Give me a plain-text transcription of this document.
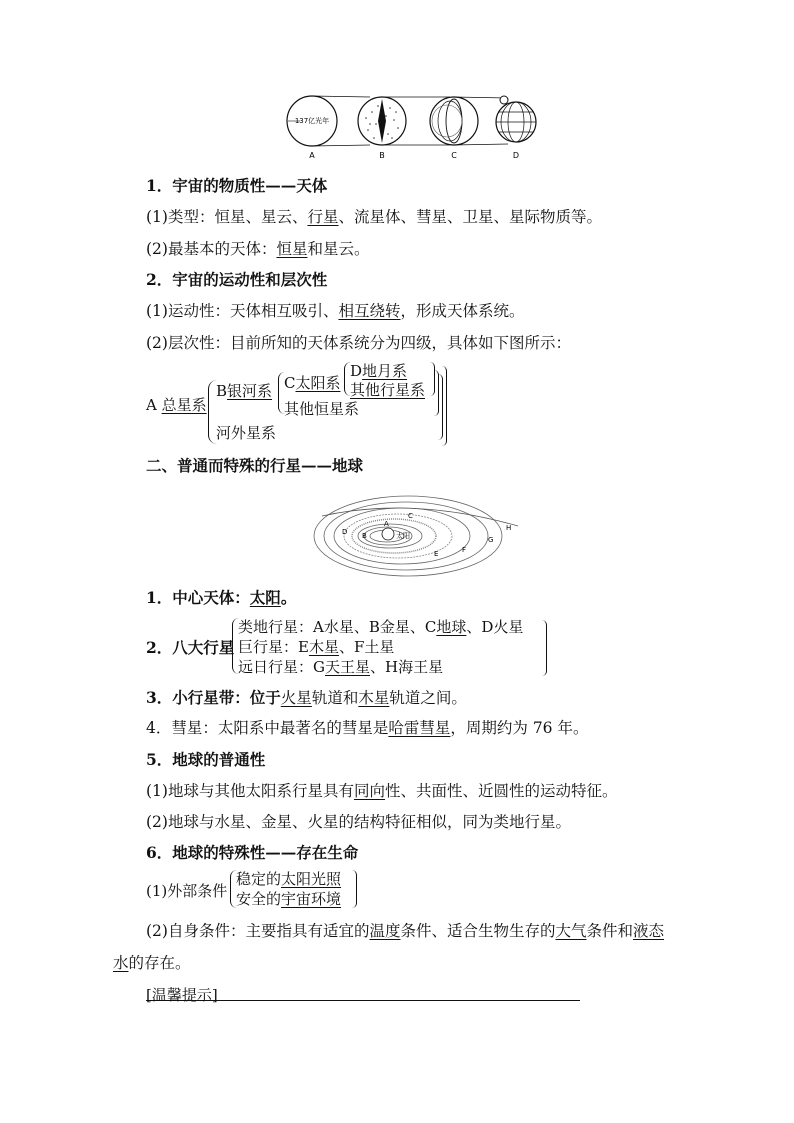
137亿光年
A	B	C	D
1．宇宙的物质性——天体
(1)类型：恒星、星云、行星、流星体、彗星、卫星、星际物质等。
(2)最基本的天体：恒星和星云。
2．宇宙的运动性和层次性
(1)运动性：天体相互吸引、相互绕转，形成天体系统。
(2)层次性：目前所知的天体系统分为四级，具体如下图所示：
A 总星系
B银河系 C太阳系
D地月系
其他行星系
其他恒星系
河外星系
二、普通而特殊的行星——地球
太阳
A
B
C
D
E	F
G
H
1．中心天体：太阳。
2．八大行星
类地行星：A水星、B金星、C地球、D火星
巨行星：E木星、F土星
远日行星：G天王星、H海王星
3．小行星带：位于火星轨道和木星轨道之间。
4．彗星：太阳系中最著名的彗星是哈雷彗星，周期约为 76 年。
5．地球的普通性
(1)地球与其他太阳系行星具有同向性、共面性、近圆性的运动特征。
(2)地球与水星、金星、火星的结构特征相似，同为类地行星。
6．地球的特殊性——存在生命
(1)外部条件
稳定的太阳光照
安全的宇宙环境
(2)自身条件：主要指具有适宜的温度条件、适合生物生存的大气条件和液态
水的存在。
[温馨提示]
